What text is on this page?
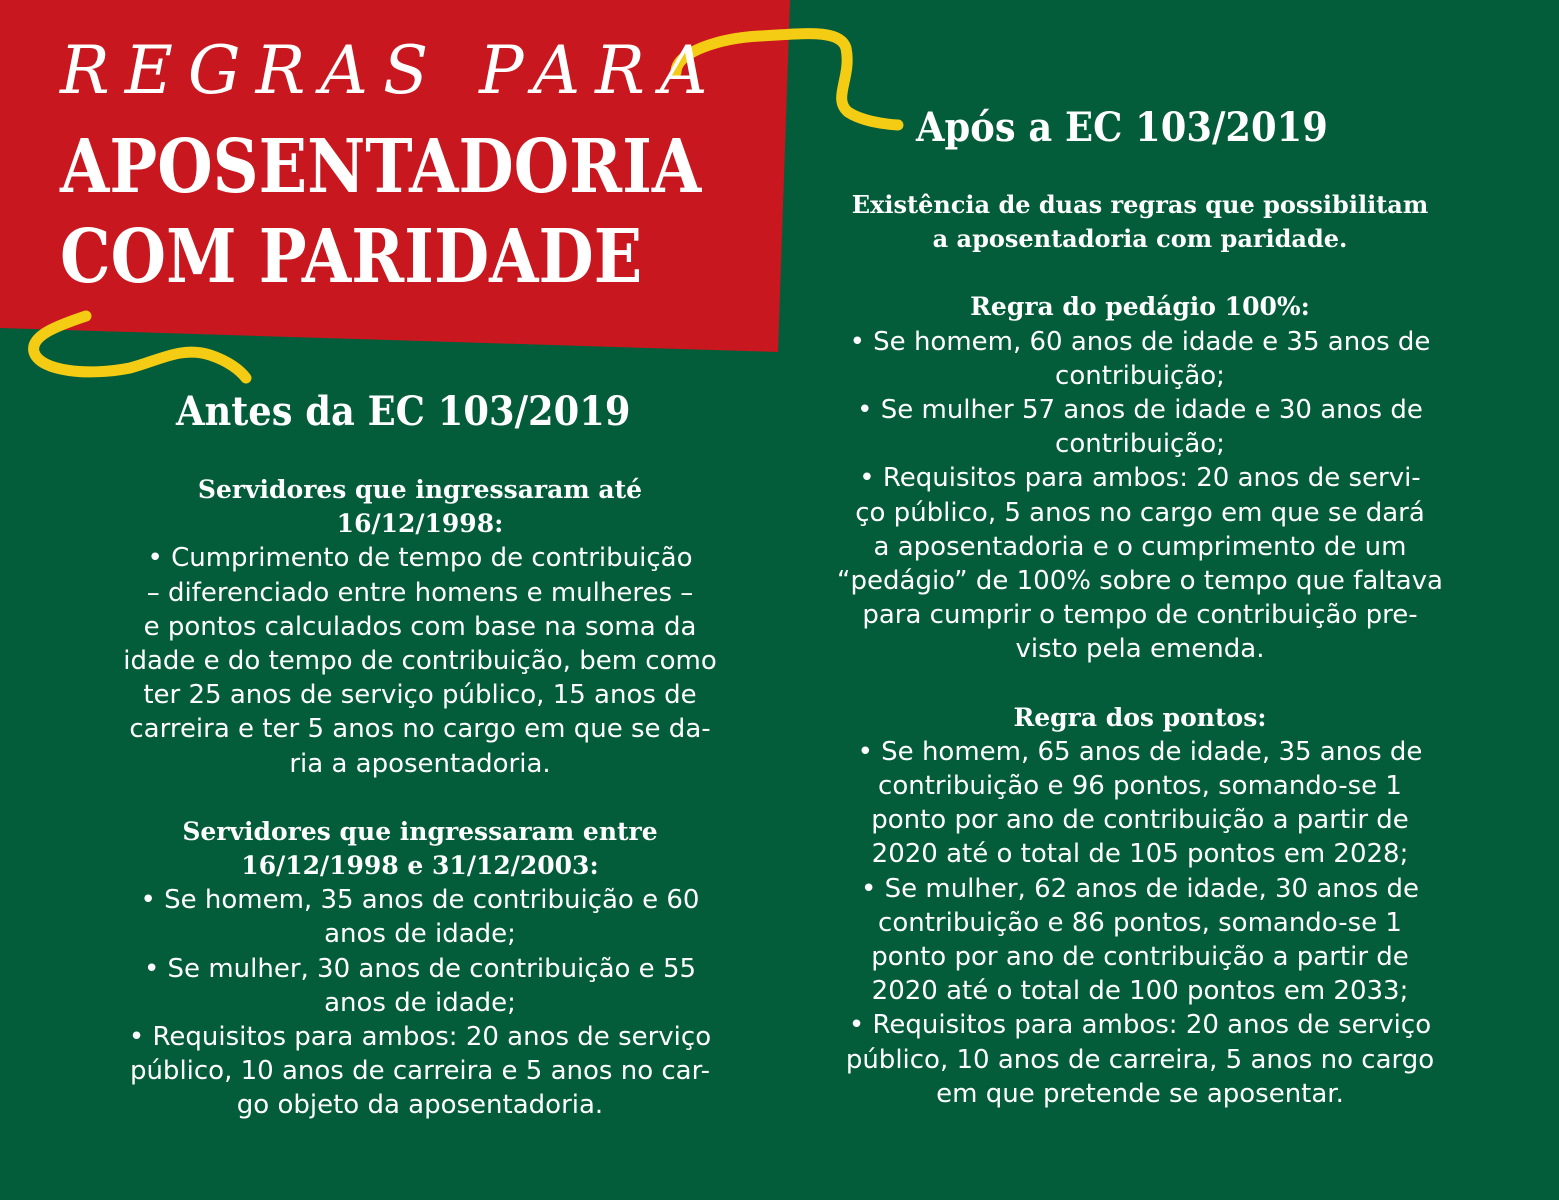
REGRAS PARA
APOSENTADORIA
COM PARIDADE
Após a EC 103/2019
Antes da EC 103/2019
Servidores que ingressaram até
16/12/1998:
• Cumprimento de tempo de contribuição
– diferenciado entre homens e mulheres –
e pontos calculados com base na soma da
idade e do tempo de contribuição, bem como
ter 25 anos de serviço público, 15 anos de
carreira e ter 5 anos no cargo em que se da-
ria a aposentadoria.
Servidores que ingressaram entre
16/12/1998 e 31/12/2003:
• Se homem, 35 anos de contribuição e 60
anos de idade;
• Se mulher, 30 anos de contribuição e 55
anos de idade;
• Requisitos para ambos: 20 anos de serviço
público, 10 anos de carreira e 5 anos no car-
go objeto da aposentadoria.
Existência de duas regras que possibilitam
a aposentadoria com paridade.
Regra do pedágio 100%:
• Se homem, 60 anos de idade e 35 anos de
contribuição;
• Se mulher 57 anos de idade e 30 anos de
contribuição;
• Requisitos para ambos: 20 anos de servi-
ço público, 5 anos no cargo em que se dará
a aposentadoria e o cumprimento de um
“pedágio” de 100% sobre o tempo que faltava
para cumprir o tempo de contribuição pre-
visto pela emenda.
Regra dos pontos:
• Se homem, 65 anos de idade, 35 anos de
contribuição e 96 pontos, somando-se 1
ponto por ano de contribuição a partir de
2020 até o total de 105 pontos em 2028;
• Se mulher, 62 anos de idade, 30 anos de
contribuição e 86 pontos, somando-se 1
ponto por ano de contribuição a partir de
2020 até o total de 100 pontos em 2033;
• Requisitos para ambos: 20 anos de serviço
público, 10 anos de carreira, 5 anos no cargo
em que pretende se aposentar.
